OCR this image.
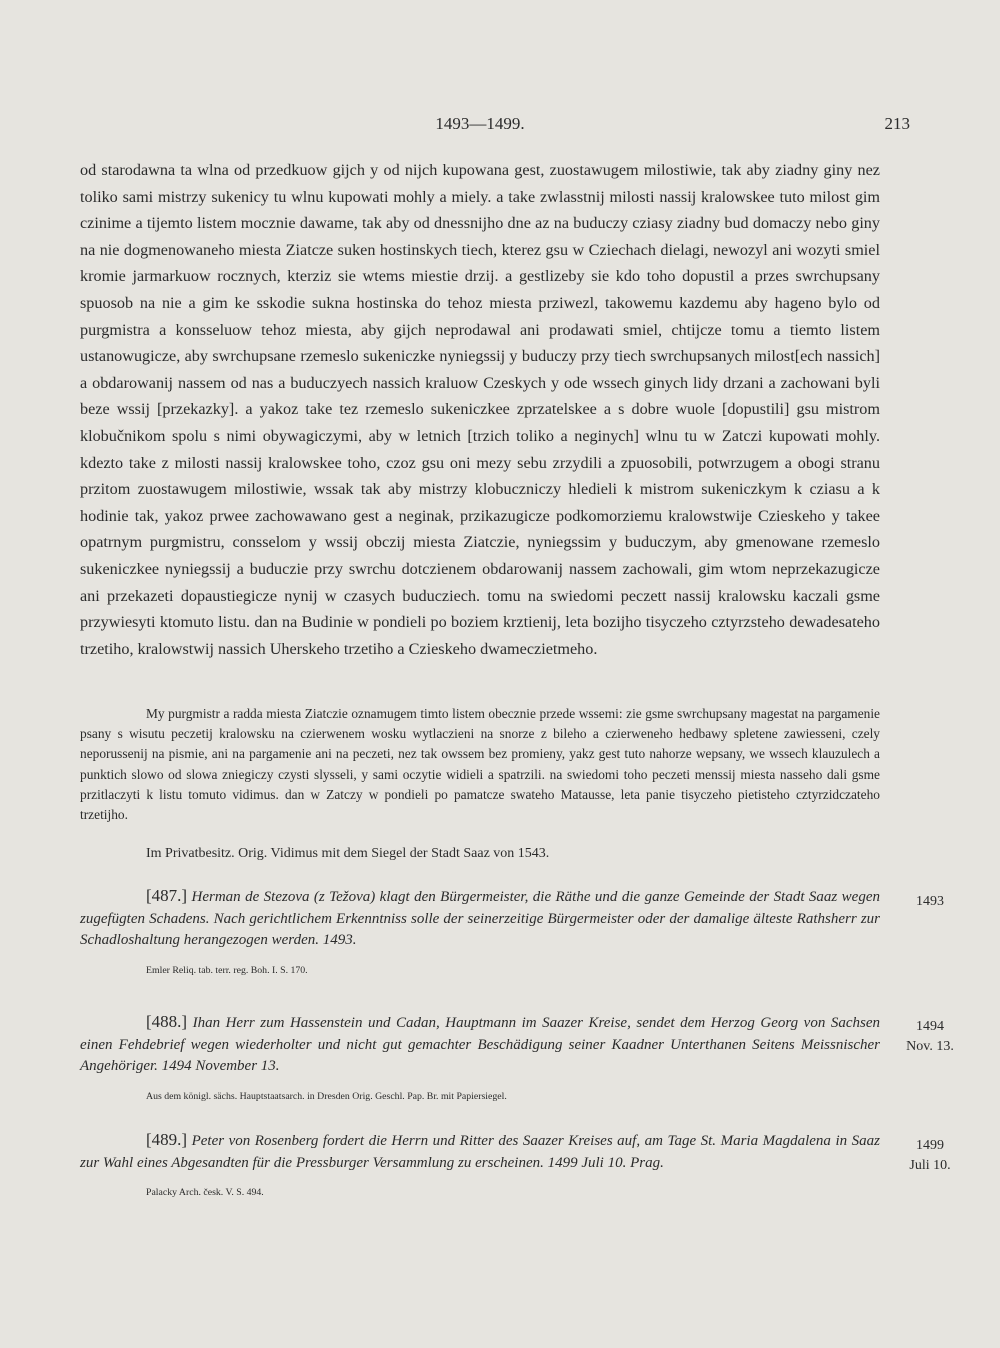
1493—1499.	213
od starodawna ta wlna od przedkuow gijch y od nijch kupowana gest, zuostawugem milostiwie, tak aby ziadny giny nez toliko sami mistrzy sukenicy tu wlnu kupowati mohly a miely. a take zwlasstnij milosti nassij kralowskee tuto milost gim czinime a tijemto listem mocznie dawame, tak aby od dnessnijho dne az na buduczy cziasy ziadny bud domaczy nebo giny na nie dogmenowaneho miesta Ziatcze suken hostinskych tiech, kterez gsu w Cziechach dielagi, newozyl ani wozyti smiel kromie jarmarkuow rocznych, kterziz sie wtems miestie drzij. a gestlizeby sie kdo toho dopustil a przes swrchupsany spuosob na nie a gim ke sskodie sukna hostinska do tehoz miesta prziwezl, takowemu kazdemu aby hageno bylo od purgmistra a konsseluow tehoz miesta, aby gijch neprodawal ani prodawati smiel, chtijcze tomu a tiemto listem ustanowugicze, aby swrchupsane rzemeslo sukeniczke nyniegssij y buduczy przy tiech swrchupsanych milost[ech nassich] a obdarowanij nassem od nas a buduczyech nassich kraluow Czeskych y ode wssech ginych lidy drzani a zachowani byli beze wssij [przekazky]. a yakoz take tez rzemeslo sukeniczkee zprzatelskee a s dobre wuole [dopustili] gsu mistrom klobučnikom spolu s nimi obywagiczymi, aby w letnich [trzich toliko a neginych] wlnu tu w Zatczi kupowati mohly. kdezto take z milosti nassij kralowskee toho, czoz gsu oni mezy sebu zrzydili a zpuosobili, potwrzugem a obogi stranu przitom zuostawugem milostiwie, wssak tak aby mistrzy klobuczniczy hledieli k mistrom sukeniczkym k cziasu a k hodinie tak, yakoz prwee zachowawano gest a neginak, przikazugicze podkomorziemu kralowstwije Czieskeho y takee opatrnym purgmistru, consselom y wssij obczij miesta Ziatczie, nyniegssim y buduczym, aby gmenowane rzemeslo sukeniczkee nyniegssij a buduczie przy swrchu dotczienem obdarowanij nassem zachowali, gim wtom neprzekazugicze ani przekazeti dopaustiegicze nynij w czasych buducziech. tomu na swiedomi peczett nassij kralowsku kaczali gsme przywiesyti ktomuto listu. dan na Budinie w pondieli po boziem krztienij, leta bozijho tisyczeho cztyrzsteho dewadesateho trzetiho, kralowstwij nassich Uherskeho trzetiho a Czieskeho dwameczietmeho.
My purgmistr a radda miesta Ziatczie oznamugem timto listem obecznie przede wssemi: zie gsme swrchupsany magestat na pargamenie psany s wisutu peczetij kralowsku na czierwenem wosku wytlaczieni na snorze z bileho a czierweneho hedbawy spletene zawiesseni, czely neporussenij na pismie, ani na pargamenie ani na peczeti, nez tak owssem bez promieny, yakz gest tuto nahorze wepsany, we wssech klauzulech a punktich slowo od slowa zniegiczy czysti slysseli, y sami oczytie widieli a spatrzili. na swiedomi toho peczeti menssij miesta nasseho dali gsme przitlaczyti k listu tomuto vidimus. dan w Zatczy w pondieli po pamatcze swateho Matausse, leta panie tisyczeho pietisteho cztyrzidczateho trzetijho.
Im Privatbesitz. Orig. Vidimus mit dem Siegel der Stadt Saaz von 1543.
[487.] Herman de Stezova (z Težova) klagt den Bürgermeister, die Räthe und die ganze Gemeinde der Stadt Saaz wegen zugefügten Schadens. Nach gerichtlichem Erkenntniss solle der seinerzeitige Bürgermeister oder der damalige älteste Rathsherr zur Schadloshaltung herangezogen werden. 1493.
Emler Reliq. tab. terr. reg. Boh. I. S. 170.
1493
[488.] Ihan Herr zum Hassenstein und Cadan, Hauptmann im Saazer Kreise, sendet dem Herzog Georg von Sachsen einen Fehdebrief wegen wiederholter und nicht gut gemachter Beschädigung seiner Kaadner Unterthanen Seitens Meissnischer Angehöriger. 1494 November 13.
Aus dem königl. sächs. Hauptstaatsarch. in Dresden Orig. Geschl. Pap. Br. mit Papiersiegel.
1494
Nov. 13.
[489.] Peter von Rosenberg fordert die Herrn und Ritter des Saazer Kreises auf, am Tage St. Maria Magdalena in Saaz zur Wahl eines Abgesandten für die Pressburger Versammlung zu erscheinen. 1499 Juli 10. Prag.
Palacky Arch. česk. V. S. 494.
1499
Juli 10.
